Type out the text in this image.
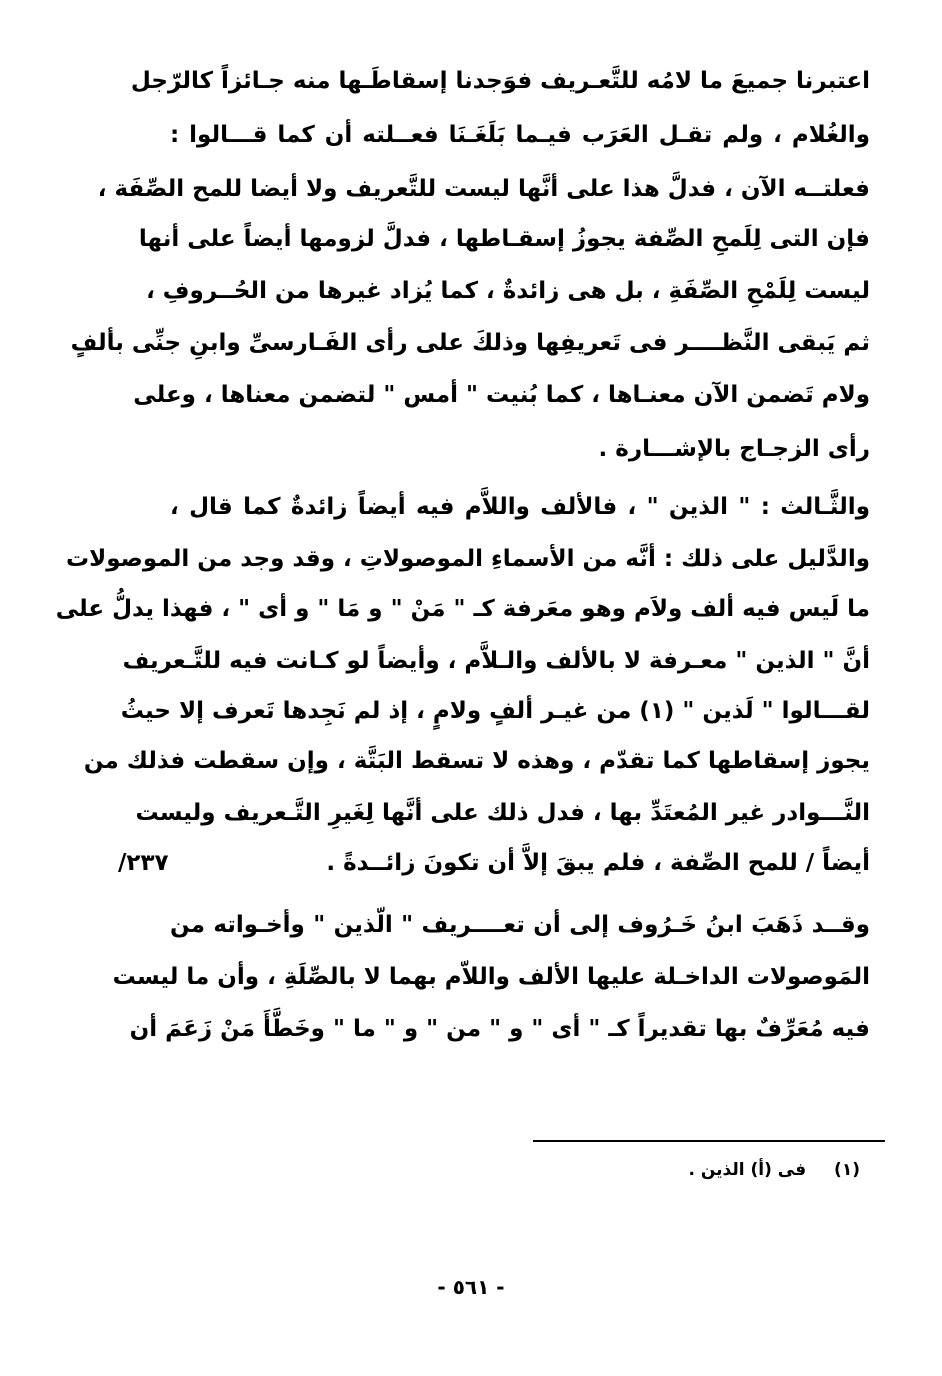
اعتبرنا جميعَ ما لامُه للتَّعـريف فوَجدنا إسقاطَـها منه جـائزاً كالرّجل
والغُلام ، ولم تقـل العَرَب فيـما بَلَغَـنَا فعــلته أن كما قـــالوا :
فعلتــه الآن ، فدلَّ هذا على أنَّها ليست للتَّعريف ولا أيضا للمح الصِّفَة ،
فإن التى لِلَمحِ الصِّفة يجوزُ إسقـاطها ، فدلَّ لزومها أيضاً على أنها
ليست لِلَمْحِ الصِّفَةِ ، بل هى زائدةٌ ، كما يُزاد غيرها من الحُــروفِ ،
ثم يَبقى النَّظــــر فى تَعريفِها وذلكَ على رأى الفَـارسىِّ وابنِ جنِّى بألفٍ
ولام تَضمن الآن معنـاها ، كما بُنيت " أمس " لتضمن معناها ، وعلى
رأى الزجـاج بالإشـــارة .
والثَّـالث : " الذين " ، فالألف واللاَّم فيه أيضاً زائدةٌ كما قال ،
والدَّليل على ذلك : أنَّه من الأسماءِ الموصولاتِ ، وقد وجد من الموصولات
ما لَيس فيه ألف ولاَم وهو معَرفة كـ " مَنْ " و مَا " و أى " ، فهذا يدلُّ على
أنَّ " الذين " معـرفة لا بالألف والـلاَّم ، وأيضاً لو كـانت فيه للتَّـعريف
لقـــالوا " لَذين " (١) من غيـر ألفٍ ولامٍ ، إذ لم نَجِدها تَعرف إلا حيثُ
يجوز إسقاطها كما تقدّم ، وهذه لا تسقط البَتَّة ، وإن سقطت فذلك من
النَّـــوادر غير المُعتَدِّ بها ، فدل ذلك على أنَّها لِغَيرِ التَّـعريف وليست
أيضاً / للمح الصِّفة ، فلم يبقَ إلاَّ أن تكونَ زائــدةً .
/٢٣٧
وقــد ذَهَبَ ابنُ خَـرُوف إلى أن تعــــريف " الّذين " وأخـواته من
المَوصولات الداخـلة عليها الألف واللاّم بهما لا بالصِّلَةِ ، وأن ما ليست
فيه مُعَرِّفٌ بها تقديراً كـ " أى " و " من " و " ما " وخَطَّأَ مَنْ زَعَمَ أن
(١) فى (أ) الذين .
- ٥٦١ -
